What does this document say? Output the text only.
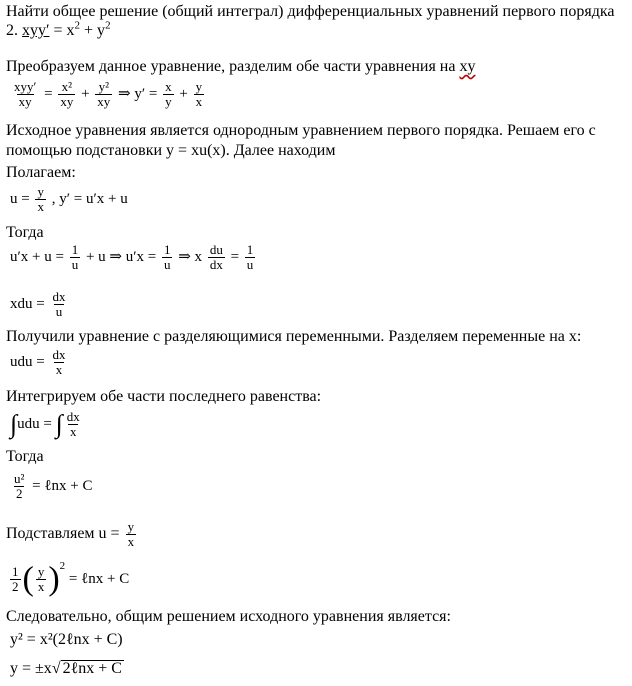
Найти общее решение (общий интеграл) дифференциальных уравнений первого порядка
2. $xyy' = x^2 + y^2$
Преобразуем данное уравнение, разделим обе части уравнения на xy
$\frac{\text{xyy′}}{xy} = \frac{\text{x²}}{xy} + \frac{\text{y²}}{xy}$ ⇒ $y' = \frac{x}{y} + \frac{y}{x}$
Исходное уравнения является однородным уравнением первого порядка. Решаем его с
помощью подстановки y = xu(x). Далее находим
Полагаем:
$u = \frac{y}{x}$ , y′ = u′x + u
Тогда
$u'x + u = \frac{1}{u} + u$ ⇒ $u'x = \frac{1}{u}$ ⇒ x $\frac{du}{dx} = \frac{1}{u}$
xdu = $\frac{dx}{u}$
Получили уравнение с разделяющимися переменными. Разделяем переменные на x:
udu = $\frac{dx}{x}$
Интегрируем обе части последнего равенства:
∫udu = ∫ $\frac{dx}{x}$
Тогда
$\frac{\text{u²}}{2}$ = ℓnx + C
Подставляем $u = \frac{y}{x}$
$\frac{1}{2}$ ( $\frac{y}{x} )^2$ = ℓnx + C
Следовательно, общим решением исходного уравнения является:
y² = x²(2ℓnx + C)
y = ±x√ 2ℓnx + C
